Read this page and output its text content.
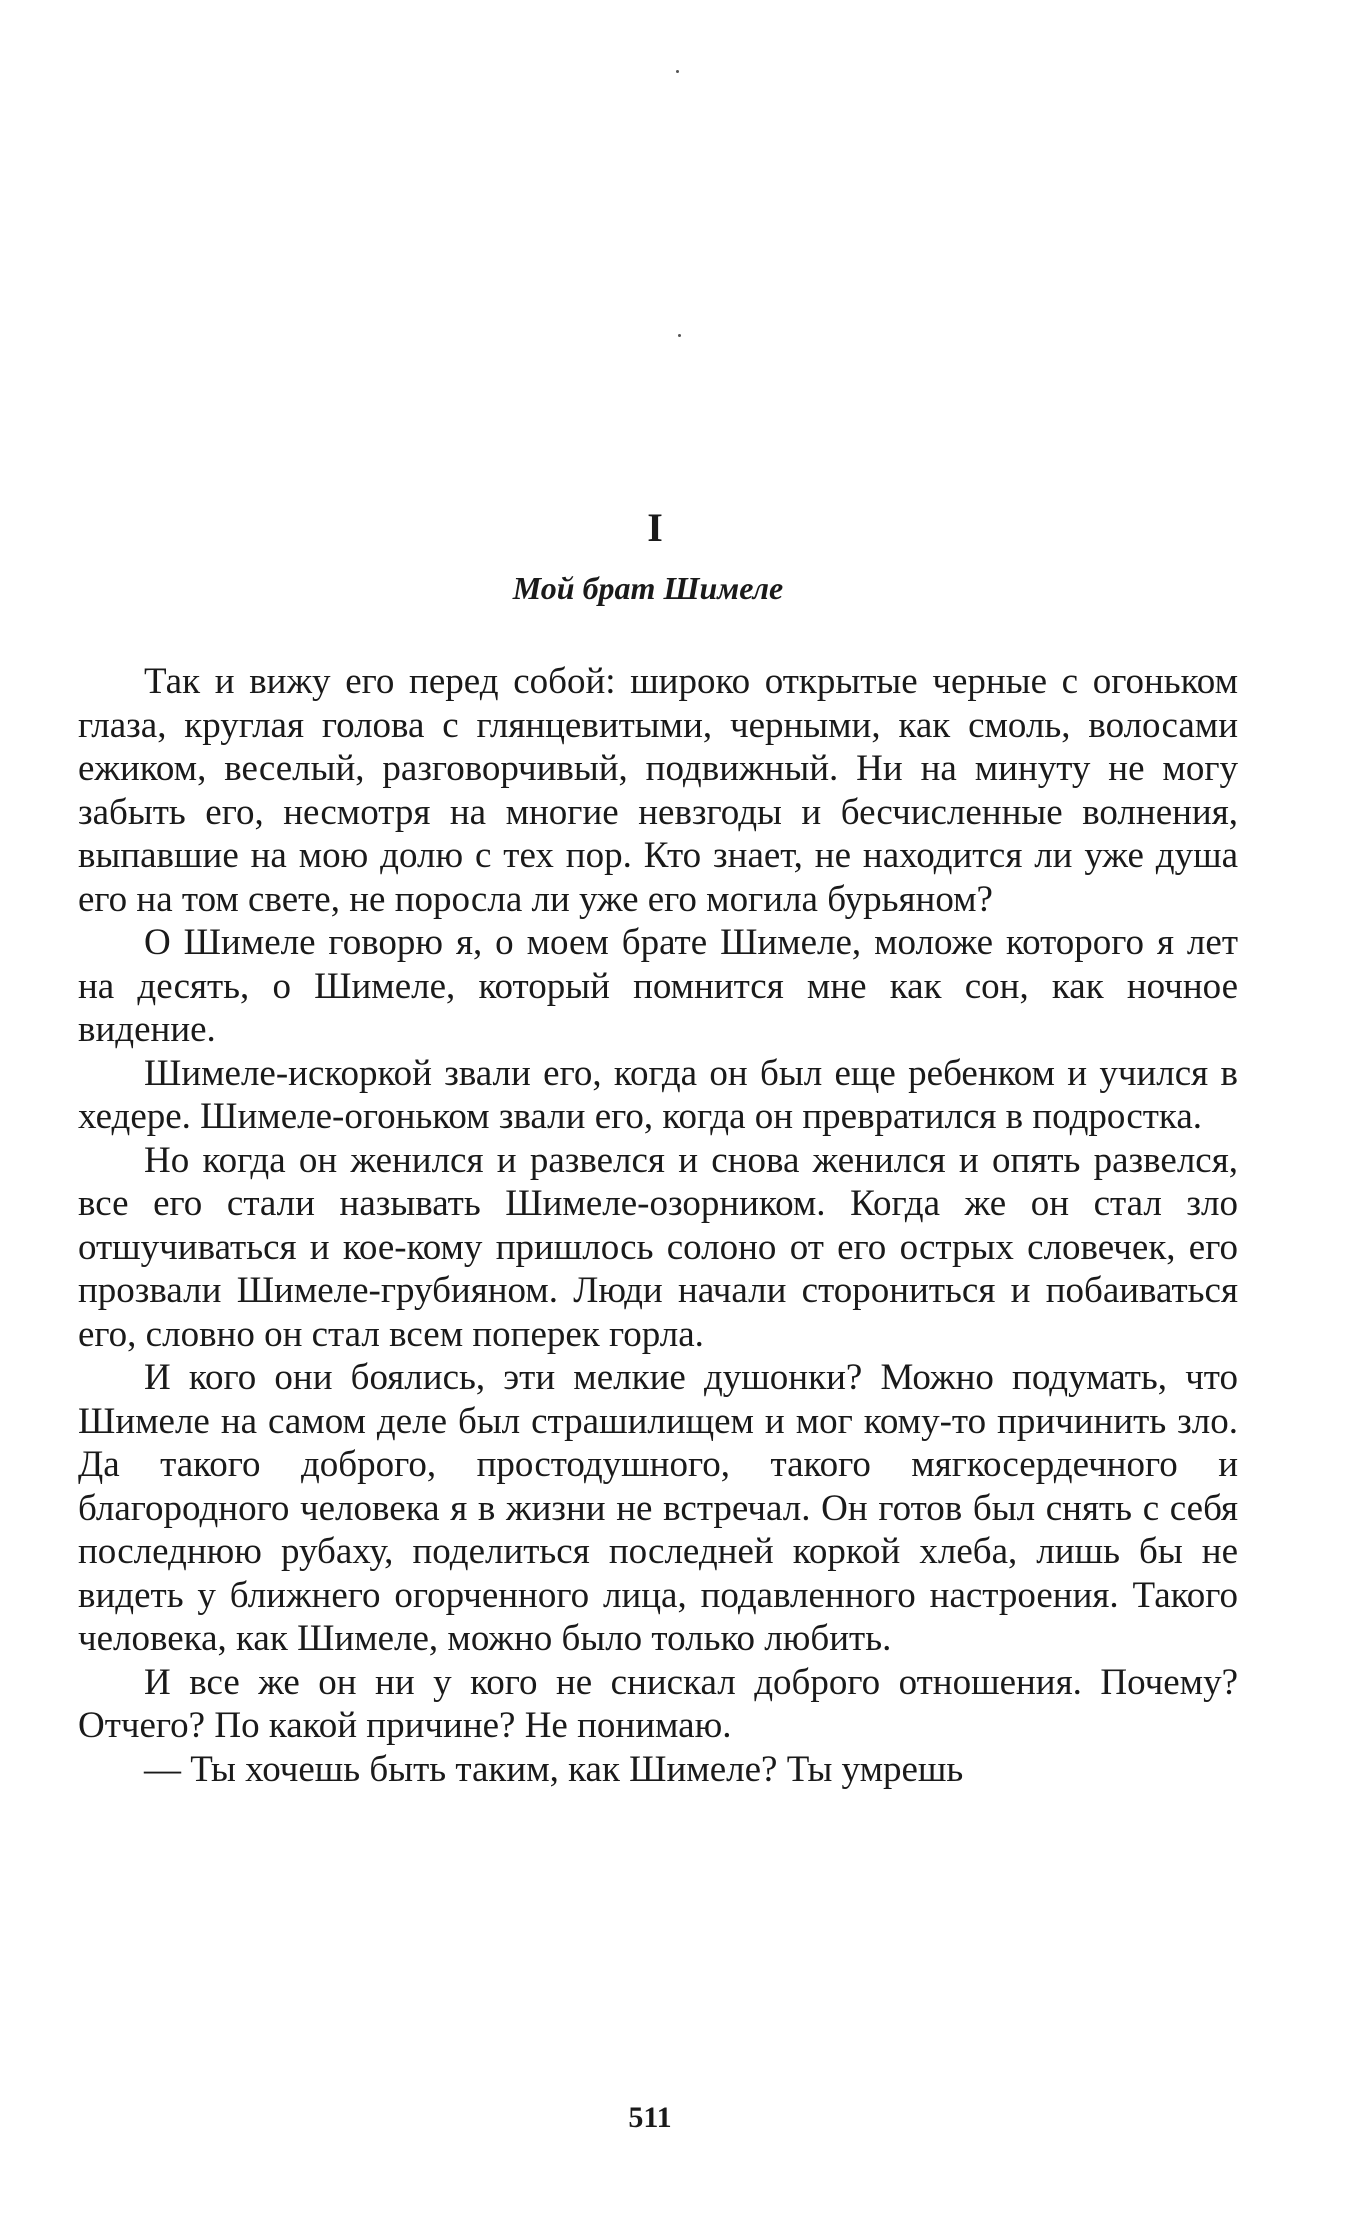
I
Мой брат Шимеле

Так и вижу его перед собой: широко открытые черные с огоньком глаза, круглая голова с глянцевитыми, черными, как смоль, волосами ежиком, веселый, разговорчивый, подвижный. Ни на минуту не могу забыть его, несмотря на многие невзгоды и бесчисленные волнения, выпавшие на мою долю с тех пор. Кто знает, не находится ли уже душа его на том свете, не поросла ли уже его могила бурьяном?

О Шимеле говорю я, о моем брате Шимеле, моложе которого я лет на десять, о Шимеле, который помнится мне как сон, как ночное видение.

Шимеле-искоркой звали его, когда он был еще ребенком и учился в хедере. Шимеле-огоньком звали его, когда он превратился в подростка.

Но когда он женился и развелся и снова женился и опять развелся, все его стали называть Шимеле-озорником. Когда же он стал зло отшучиваться и кое-кому пришлось солоно от его острых словечек, его прозвали Шимеле-грубияном. Люди начали сторониться и побаиваться его, словно он стал всем поперек горла.

И кого они боялись, эти мелкие душонки? Можно подумать, что Шимеле на самом деле был страшилищем и мог кому-то причинить зло. Да такого доброго, простодушного, такого мягкосердечного и благородного человека я в жизни не встречал. Он готов был снять с себя последнюю рубаху, поделиться последней коркой хлеба, лишь бы не видеть у ближнего огорченного лица, подавленного настроения. Такого человека, как Шимеле, можно было только любить.

И все же он ни у кого не снискал доброго отношения. Почему? Отчего? По какой причине? Не понимаю.

— Ты хочешь быть таким, как Шимеле? Ты умрешь

511
